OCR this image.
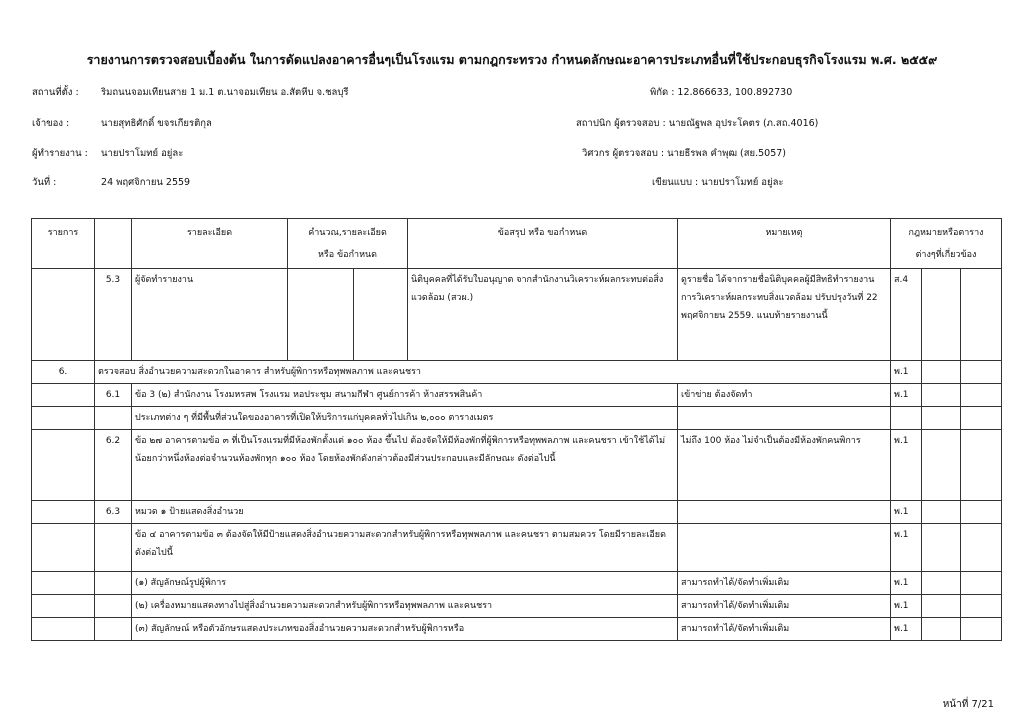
รายงานการตรวจสอบเบื้องต้น ในการดัดแปลงอาคารอื่นๆเป็นโรงแรม ตามกฎกระทรวง กำหนดลักษณะอาคารประเภทอื่นที่ใช้ประกอบธุรกิจโรงแรม พ.ศ. ๒๕๕๙
สถานที่ตั้ง : ริมถนนจอมเทียนสาย 1 ม.1 ต.นาจอมเทียน อ.สัตหีบ จ.ชลบุรี	พิกัด : 12.866633, 100.892730
เจ้าของ :	นายสุทธิศักดิ์ ขจรเกียรติกุล	สถาปนิก ผู้ตรวจสอบ : นายณัฐพล อุประโคตร (ภ.สถ.4016)
ผู้ทำรายงาน : นายปราโมทย์ อยู่ละ	วิศวกร ผู้ตรวจสอบ : นายธีรพล คำพุฒ (สย.5057)
วันที่ :	24 พฤศจิกายน 2559	เขียนแบบ : นายปราโมทย์ อยู่ละ
รายการ		รายละเอียด	คำนวณ,รายละเอียด
หรือ ข้อกำหนด		ข้อสรุป หรือ ขอกำหนด	หมายเหตุ	กฎหมายหรือตาราง
ต่างๆที่เกี่ยวข้อง		
	5.3	ผู้จัดทำรายงาน			นิติบุคคลที่ได้รับใบอนุญาต จากสำนักงานวิเคราะห์ผลกระทบต่อสิ่งแวดล้อม (สวผ.)	ดูรายชื่อ ได้จากรายชื่อนิติบุคคลผู้มีสิทธิทำรายงานการวิเคราะห์ผลกระทบสิ่งแวดล้อม ปรับปรุงวันที่ 22 พฤศจิกายน 2559. แนบท้ายรายงานนี้	ส.4		
6.	ตรวจสอบ สิ่งอำนวยความสะดวกในอาคาร สำหรับผู้พิการหรือทุพพลภาพ และคนชรา						พ.1		
	6.1	ข้อ 3 (๒) สำนักงาน โรงมหรสพ โรงแรม หอประชุม สนามกีฬา ศูนย์การค้า ห้างสรรพสินค้า				เข้าข่าย ต้องจัดทำ	พ.1		
		ประเภทต่าง ๆ ที่มีพื้นที่ส่วนใดของอาคารที่เปิดให้บริการแก่บุคคลทั่วไปเกิน ๒,๐๐๐ ตารางเมตร							
	6.2	ข้อ ๒๗ อาคารตามข้อ ๓ ที่เป็นโรงแรมที่มีห้องพักตั้งแต่ ๑๐๐ ห้อง ขึ้นไป ต้องจัดให้มีห้องพักที่ผู้พิการหรือทุพพลภาพ และคนชรา เข้าใช้ได้ไม่น้อยกว่าหนึ่งห้องต่อจำนวนห้องพักทุก ๑๐๐ ห้อง โดยห้องพักดังกล่าวต้องมีส่วนประกอบและมีลักษณะ ดังต่อไปนี้				ไม่ถึง 100 ห้อง ไม่จำเป็นต้องมีห้องพักคนพิการ	พ.1		
	6.3	หมวด ๑ ป้ายแสดงสิ่งอำนวย					พ.1		
		ข้อ ๔ อาคารตามข้อ ๓ ต้องจัดให้มีป้ายแสดงสิ่งอำนวยความสะดวกสำหรับผู้พิการหรือทุพพลภาพ และคนชรา ตามสมควร โดยมีรายละเอียดดังต่อไปนี้					พ.1		
		(๑) สัญลักษณ์รูปผู้พิการ				สามารถทำได้/จัดทำเพิ่มเติม	พ.1		
		(๒) เครื่องหมายแสดงทางไปสู่สิ่งอำนวยความสะดวกสำหรับผู้พิการหรือทุพพลภาพ และคนชรา				สามารถทำได้/จัดทำเพิ่มเติม	พ.1		
		(๓) สัญลักษณ์ หรือตัวอักษรแสดงประเภทของสิ่งอำนวยความสะดวกสำหรับผู้พิการหรือ				สามารถทำได้/จัดทำเพิ่มเติม	พ.1		
หน้าที่ 7/21
